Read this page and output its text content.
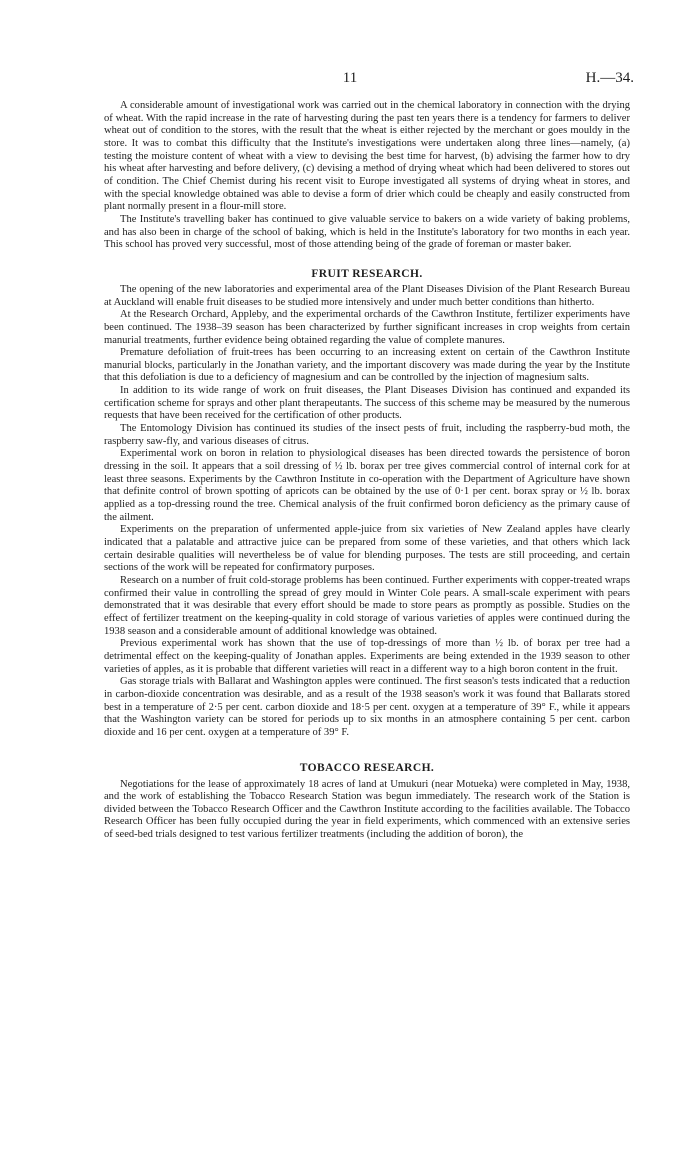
11	H.—34.

A considerable amount of investigational work was carried out in the chemical laboratory in connection with the drying of wheat. With the rapid increase in the rate of harvesting during the past ten years there is a tendency for farmers to deliver wheat out of condition to the stores, with the result that the wheat is either rejected by the merchant or goes mouldy in the store. It was to combat this difficulty that the Institute's investigations were undertaken along three lines—namely, (a) testing the moisture content of wheat with a view to devising the best time for harvest, (b) advising the farmer how to dry his wheat after harvesting and before delivery, (c) devising a method of drying wheat which had been delivered to stores out of condition. The Chief Chemist during his recent visit to Europe investigated all systems of drying wheat in stores, and with the special knowledge obtained was able to devise a form of drier which could be cheaply and easily constructed from plant normally present in a flour-mill store.

The Institute's travelling baker has continued to give valuable service to bakers on a wide variety of baking problems, and has also been in charge of the school of baking, which is held in the Institute's laboratory for two months in each year. This school has proved very successful, most of those attending being of the grade of foreman or master baker.

FRUIT RESEARCH.

The opening of the new laboratories and experimental area of the Plant Diseases Division of the Plant Research Bureau at Auckland will enable fruit diseases to be studied more intensively and under much better conditions than hitherto.

At the Research Orchard, Appleby, and the experimental orchards of the Cawthron Institute, fertilizer experiments have been continued. The 1938–39 season has been characterized by further significant increases in crop weights from certain manurial treatments, further evidence being obtained regarding the value of complete manures.

Premature defoliation of fruit-trees has been occurring to an increasing extent on certain of the Cawthron Institute manurial blocks, particularly in the Jonathan variety, and the important discovery was made during the year by the Institute that this defoliation is due to a deficiency of magnesium and can be controlled by the injection of magnesium salts.

In addition to its wide range of work on fruit diseases, the Plant Diseases Division has continued and expanded its certification scheme for sprays and other plant therapeutants. The success of this scheme may be measured by the numerous requests that have been received for the certification of other products.

The Entomology Division has continued its studies of the insect pests of fruit, including the raspberry-bud moth, the raspberry saw-fly, and various diseases of citrus.

Experimental work on boron in relation to physiological diseases has been directed towards the persistence of boron dressing in the soil. It appears that a soil dressing of ½ lb. borax per tree gives commercial control of internal cork for at least three seasons. Experiments by the Cawthron Institute in co-operation with the Department of Agriculture have shown that definite control of brown spotting of apricots can be obtained by the use of 0·1 per cent. borax spray or ½ lb. borax applied as a top-dressing round the tree. Chemical analysis of the fruit confirmed boron deficiency as the primary cause of the ailment.

Experiments on the preparation of unfermented apple-juice from six varieties of New Zealand apples have clearly indicated that a palatable and attractive juice can be prepared from some of these varieties, and that others which lack certain desirable qualities will nevertheless be of value for blending purposes. The tests are still proceeding, and certain sections of the work will be repeated for confirmatory purposes.

Research on a number of fruit cold-storage problems has been continued. Further experiments with copper-treated wraps confirmed their value in controlling the spread of grey mould in Winter Cole pears. A small-scale experiment with pears demonstrated that it was desirable that every effort should be made to store pears as promptly as possible. Studies on the effect of fertilizer treatment on the keeping-quality in cold storage of various varieties of apples were continued during the 1938 season and a considerable amount of additional knowledge was obtained.

Previous experimental work has shown that the use of top-dressings of more than ½ lb. of borax per tree had a detrimental effect on the keeping-quality of Jonathan apples. Experiments are being extended in the 1939 season to other varieties of apples, as it is probable that different varieties will react in a different way to a high boron content in the fruit.

Gas storage trials with Ballarat and Washington apples were continued. The first season's tests indicated that a reduction in carbon-dioxide concentration was desirable, and as a result of the 1938 season's work it was found that Ballarats stored best in a temperature of 2·5 per cent. carbon dioxide and 18·5 per cent. oxygen at a temperature of 39° F., while it appears that the Washington variety can be stored for periods up to six months in an atmosphere containing 5 per cent. carbon dioxide and 16 per cent. oxygen at a temperature of 39° F.

TOBACCO RESEARCH.

Negotiations for the lease of approximately 18 acres of land at Umukuri (near Motueka) were completed in May, 1938, and the work of establishing the Tobacco Research Station was begun immediately. The research work of the Station is divided between the Tobacco Research Officer and the Cawthron Institute according to the facilities available. The Tobacco Research Officer has been fully occupied during the year in field experiments, which commenced with an extensive series of seed-bed trials designed to test various fertilizer treatments (including the addition of boron), the
